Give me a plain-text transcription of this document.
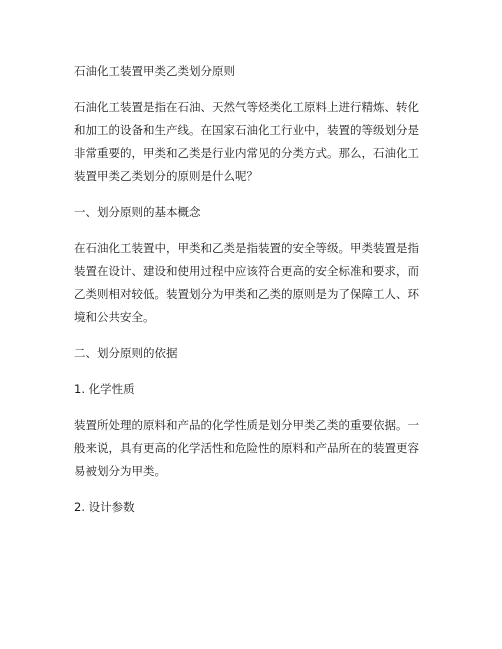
石油化工装置甲类乙类划分原则

石油化工装置是指在石油、天然气等烃类化工原料上进行精炼、转化

和加工的设备和生产线。在国家石油化工行业中，装置的等级划分是

非常重要的，甲类和乙类是行业内常见的分类方式。那么，石油化工

装置甲类乙类划分的原则是什么呢？

一、划分原则的基本概念

在石油化工装置中，甲类和乙类是指装置的安全等级。甲类装置是指

装置在设计、建设和使用过程中应该符合更高的安全标准和要求，而

乙类则相对较低。装置划分为甲类和乙类的原则是为了保障工人、环

境和公共安全。

二、划分原则的依据

1. 化学性质

装置所处理的原料和产品的化学性质是划分甲类乙类的重要依据。一

般来说，具有更高的化学活性和危险性的原料和产品所在的装置更容

易被划分为甲类。

2. 设计参数
